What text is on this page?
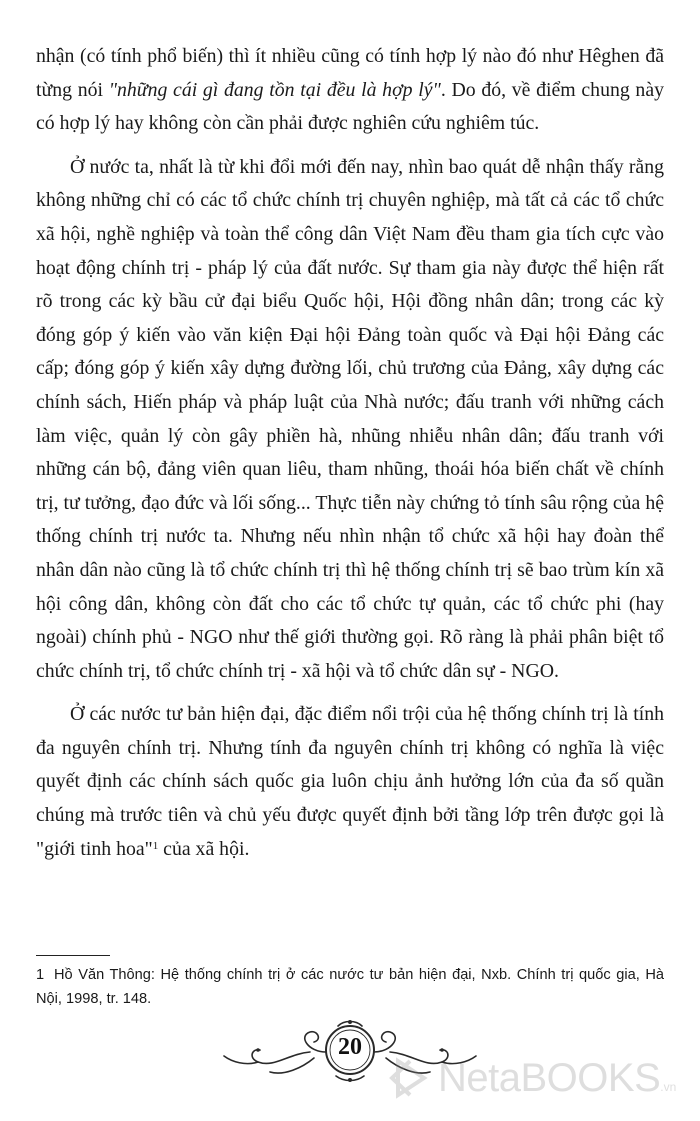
nhận (có tính phổ biến) thì ít nhiều cũng có tính hợp lý nào đó như Hêghen đã từng nói "những cái gì đang tồn tại đều là hợp lý". Do đó, về điểm chung này có hợp lý hay không còn cần phải được nghiên cứu nghiêm túc.

Ở nước ta, nhất là từ khi đổi mới đến nay, nhìn bao quát dễ nhận thấy rằng không những chỉ có các tổ chức chính trị chuyên nghiệp, mà tất cả các tổ chức xã hội, nghề nghiệp và toàn thể công dân Việt Nam đều tham gia tích cực vào hoạt động chính trị - pháp lý của đất nước. Sự tham gia này được thể hiện rất rõ trong các kỳ bầu cử đại biểu Quốc hội, Hội đồng nhân dân; trong các kỳ đóng góp ý kiến vào văn kiện Đại hội Đảng toàn quốc và Đại hội Đảng các cấp; đóng góp ý kiến xây dựng đường lối, chủ trương của Đảng, xây dựng các chính sách, Hiến pháp và pháp luật của Nhà nước; đấu tranh với những cách làm việc, quản lý còn gây phiền hà, nhũng nhiễu nhân dân; đấu tranh với những cán bộ, đảng viên quan liêu, tham nhũng, thoái hóa biến chất về chính trị, tư tưởng, đạo đức và lối sống... Thực tiễn này chứng tỏ tính sâu rộng của hệ thống chính trị nước ta. Nhưng nếu nhìn nhận tổ chức xã hội hay đoàn thể nhân dân nào cũng là tổ chức chính trị thì hệ thống chính trị sẽ bao trùm kín xã hội công dân, không còn đất cho các tổ chức tự quản, các tổ chức phi (hay ngoài) chính phủ - NGO như thế giới thường gọi. Rõ ràng là phải phân biệt tổ chức chính trị, tổ chức chính trị - xã hội và tổ chức dân sự - NGO.

Ở các nước tư bản hiện đại, đặc điểm nổi trội của hệ thống chính trị là tính đa nguyên chính trị. Nhưng tính đa nguyên chính trị không có nghĩa là việc quyết định các chính sách quốc gia luôn chịu ảnh hưởng lớn của đa số quần chúng mà trước tiên và chủ yếu được quyết định bởi tầng lớp trên được gọi là "giới tinh hoa"$^1$ của xã hội.

1 Hồ Văn Thông: Hệ thống chính trị ở các nước tư bản hiện đại, Nxb. Chính trị quốc gia, Hà Nội, 1998, tr. 148.
20
NetaBOOKS .vn
